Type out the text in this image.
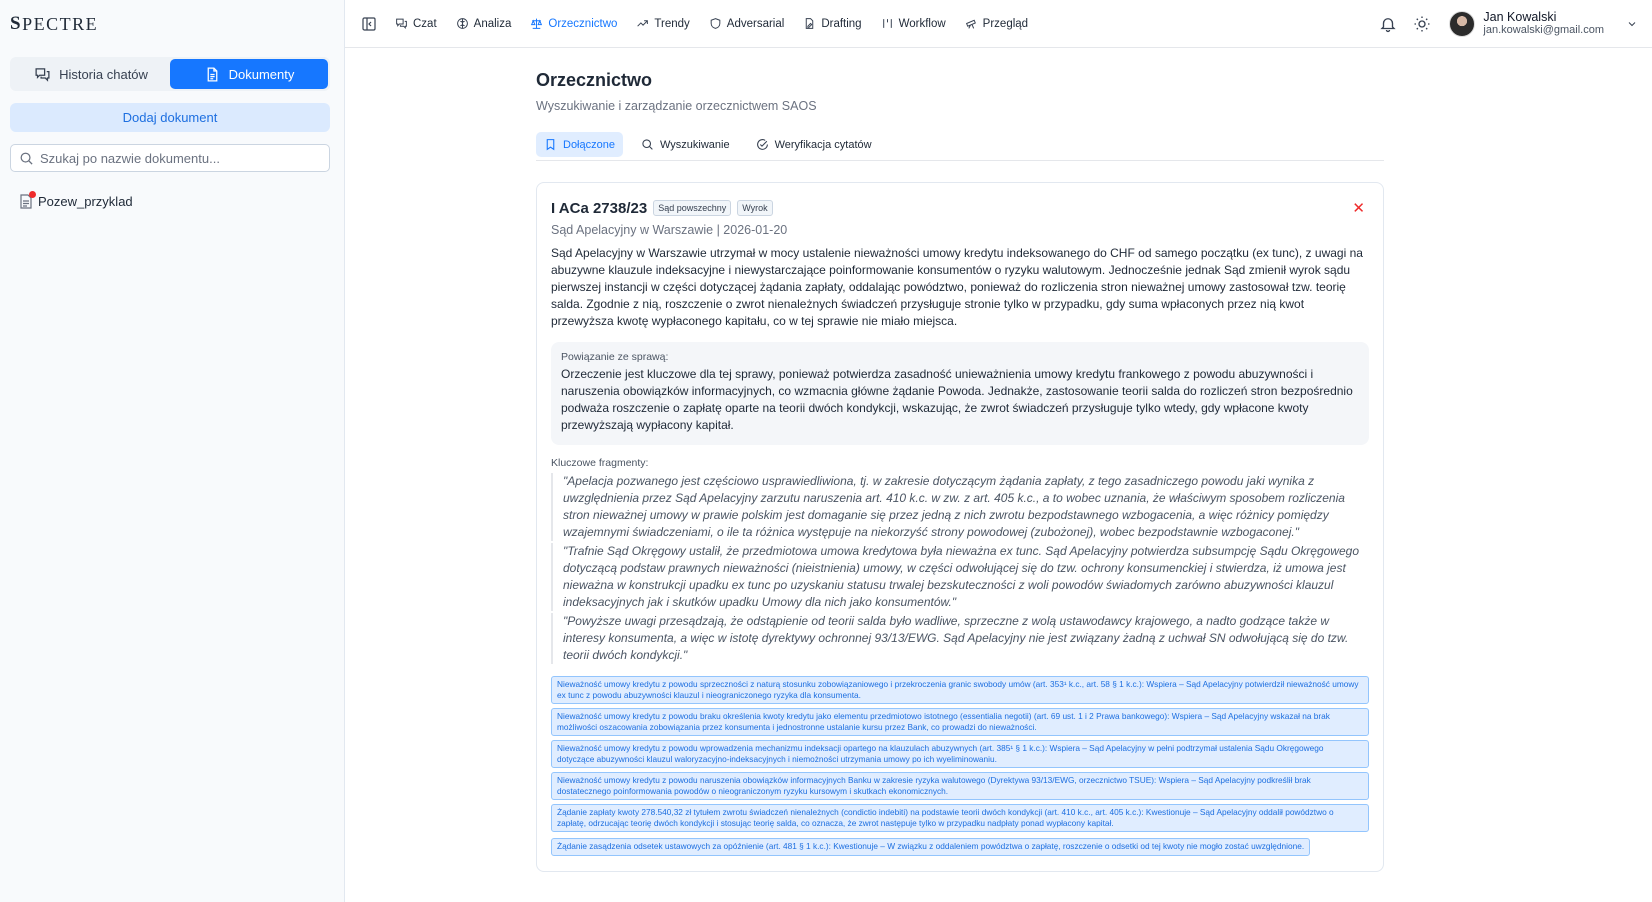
S PECTRE
Historia chatów	Dokumenty
Dodaj dokument
Szukaj po nazwie dokumentu...
Pozew_przyklad
Czat	Analiza	Orzecznictwo	Trendy	Adversarial	Drafting	Workflow	Przegląd	Jan Kowalski
jan.kowalski@gmail.com
Orzecznictwo
Wyszukiwanie i zarządzanie orzecznictwem SAOS
Dołączone	Wyszukiwanie	Weryfikacja cytatów
I ACa 2738/23	Sąd powszechny	Wyrok	✕
Sąd Apelacyjny w Warszawie | 2026-01-20

Sąd Apelacyjny w Warszawie utrzymał w mocy ustalenie nieważności umowy kredytu indeksowanego do CHF od samego początku (ex tunc), z uwagi na abuzywne klauzule indeksacyjne i niewystarczające poinformowanie konsumentów o ryzyku walutowym. Jednocześnie jednak Sąd zmienił wyrok sądu pierwszej instancji w części dotyczącej żądania zapłaty, oddalając powództwo, ponieważ do rozliczenia stron nieważnej umowy zastosował tzw. teorię salda. Zgodnie z nią, roszczenie o zwrot nienależnych świadczeń przysługuje stronie tylko w przypadku, gdy suma wpłaconych przez nią kwot przewyższa kwotę wypłaconego kapitału, co w tej sprawie nie miało miejsca.

Powiązanie ze sprawą:
Orzeczenie jest kluczowe dla tej sprawy, ponieważ potwierdza zasadność unieważnienia umowy kredytu frankowego z powodu abuzywności i naruszenia obowiązków informacyjnych, co wzmacnia główne żądanie Powoda. Jednakże, zastosowanie teorii salda do rozliczeń stron bezpośrednio podważa roszczenie o zapłatę oparte na teorii dwóch kondykcji, wskazując, że zwrot świadczeń przysługuje tylko wtedy, gdy wpłacone kwoty przewyższają wypłacony kapitał.
Kluczowe fragmenty:
"Apelacja pozwanego jest częściowo usprawiedliwiona, tj. w zakresie dotyczącym żądania zapłaty, z tego zasadniczego powodu jaki wynika z uwzględnienia przez Sąd Apelacyjny zarzutu naruszenia art. 410 k.c. w zw. z art. 405 k.c., a to wobec uznania, że właściwym sposobem rozliczenia stron nieważnej umowy w prawie polskim jest domaganie się przez jedną z nich zwrotu bezpodstawnego wzbogacenia, a więc różnicy pomiędzy wzajemnymi świadczeniami, o ile ta różnica występuje na niekorzyść strony powodowej (zubożonej), wobec bezpodstawnie wzbogaconej."
"Trafnie Sąd Okręgowy ustalił, że przedmiotowa umowa kredytowa była nieważna ex tunc. Sąd Apelacyjny potwierdza subsumpcję Sądu Okręgowego dotyczącą podstaw prawnych nieważności (nieistnienia) umowy, w części odwołującej się do tzw. ochrony konsumenckiej i stwierdza, iż umowa jest nieważna w konstrukcji upadku ex tunc po uzyskaniu statusu trwalej bezskuteczności z woli powodów świadomych zarówno abuzywności klauzul indeksacyjnych jak i skutków upadku Umowy dla nich jako konsumentów."
"Powyższe uwagi przesądzają, że odstąpienie od teorii salda było wadliwe, sprzeczne z wolą ustawodawcy krajowego, a nadto godzące także w interesy konsumenta, a więc w istotę dyrektywy ochronnej 93/13/EWG. Sąd Apelacyjny nie jest związany żadną z uchwał SN odwołującą się do tzw. teorii dwóch kondykcji."
Nieważność umowy kredytu z powodu sprzeczności z naturą stosunku zobowiązaniowego i przekroczenia granic swobody umów (art. 353¹ k.c., art. 58 § 1 k.c.): Wspiera – Sąd Apelacyjny potwierdził nieważność umowy ex tunc z powodu abuzywności klauzul i nieograniczonego ryzyka dla konsumenta.
Nieważność umowy kredytu z powodu braku określenia kwoty kredytu jako elementu przedmiotowo istotnego (essentialia negotii) (art. 69 ust. 1 i 2 Prawa bankowego): Wspiera – Sąd Apelacyjny wskazał na brak możliwości oszacowania zobowiązania przez konsumenta i jednostronne ustalanie kursu przez Bank, co prowadzi do nieważności.
Nieważność umowy kredytu z powodu wprowadzenia mechanizmu indeksacji opartego na klauzulach abuzywnych (art. 385¹ § 1 k.c.): Wspiera – Sąd Apelacyjny w pełni podtrzymał ustalenia Sądu Okręgowego dotyczące abuzywności klauzul waloryzacyjno-indeksacyjnych i niemożności utrzymania umowy po ich wyeliminowaniu.
Nieważność umowy kredytu z powodu naruszenia obowiązków informacyjnych Banku w zakresie ryzyka walutowego (Dyrektywa 93/13/EWG, orzecznictwo TSUE): Wspiera – Sąd Apelacyjny podkreślił brak dostatecznego poinformowania powodów o nieograniczonym ryzyku kursowym i skutkach ekonomicznych.
Żądanie zapłaty kwoty 278.540,32 zł tytułem zwrotu świadczeń nienależnych (condictio indebiti) na podstawie teorii dwóch kondykcji (art. 410 k.c., art. 405 k.c.): Kwestionuje – Sąd Apelacyjny oddalił powództwo o zapłatę, odrzucając teorię dwóch kondykcji i stosując teorię salda, co oznacza, że zwrot następuje tylko w przypadku nadpłaty ponad wypłacony kapitał.
Żądanie zasądzenia odsetek ustawowych za opóźnienie (art. 481 § 1 k.c.): Kwestionuje – W związku z oddaleniem powództwa o zapłatę, roszczenie o odsetki od tej kwoty nie mogło zostać uwzględnione.
